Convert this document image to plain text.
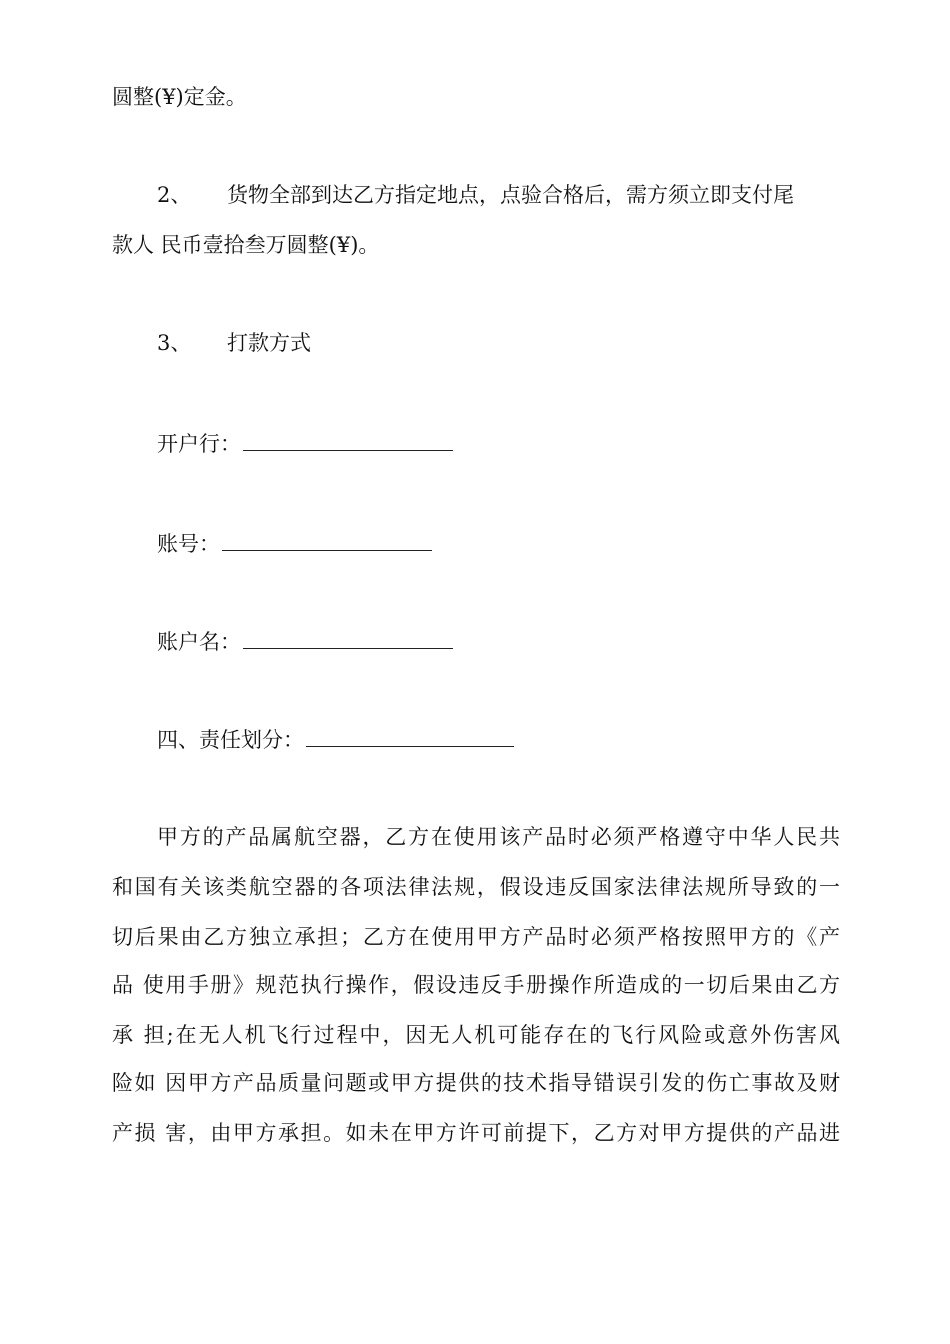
圆整(¥)定金。
2、 货物全部到达乙方指定地点，点验合格后，需方须立即支付尾
款人 民币壹拾叁万圆整(¥)。
3、 打款方式
开户行：
账号：
账户名：
四、责任划分：
甲方的产品属航空器，乙方在使用该产品时必须严格遵守中华人民共
和国有关该类航空器的各项法律法规，假设违反国家法律法规所导致的一
切后果由乙方独立承担；乙方在使用甲方产品时必须严格按照甲方的《产
品 使用手册》规范执行操作，假设违反手册操作所造成的一切后果由乙方
承 担;在无人机飞行过程中，因无人机可能存在的飞行风险或意外伤害风
险如 因甲方产品质量问题或甲方提供的技术指导错误引发的伤亡事故及财
产损 害，由甲方承担。如未在甲方许可前提下，乙方对甲方提供的产品进
